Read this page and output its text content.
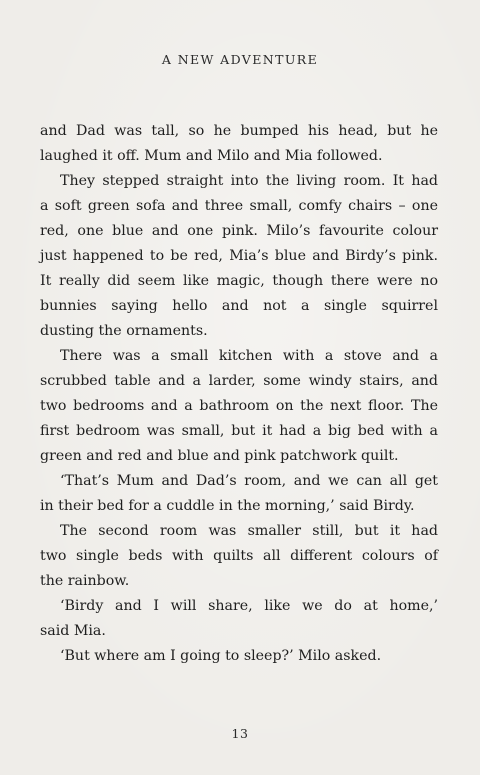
A NEW ADVENTURE
and Dad was tall, so he bumped his head, but he
laughed it off. Mum and Milo and Mia followed.
They stepped straight into the living room. It had
a soft green sofa and three small, comfy chairs – one
red, one blue and one pink. Milo’s favourite colour
just happened to be red, Mia’s blue and Birdy’s pink.
It really did seem like magic, though there were no
bunnies saying hello and not a single squirrel
dusting the ornaments.
There was a small kitchen with a stove and a
scrubbed table and a larder, some windy stairs, and
two bedrooms and a bathroom on the next floor. The
first bedroom was small, but it had a big bed with a
green and red and blue and pink patchwork quilt.
‘That’s Mum and Dad’s room, and we can all get
in their bed for a cuddle in the morning,’ said Birdy.
The second room was smaller still, but it had
two single beds with quilts all different colours of
the rainbow.
‘Birdy and I will share, like we do at home,’
said Mia.
‘But where am I going to sleep?’ Milo asked.
13
